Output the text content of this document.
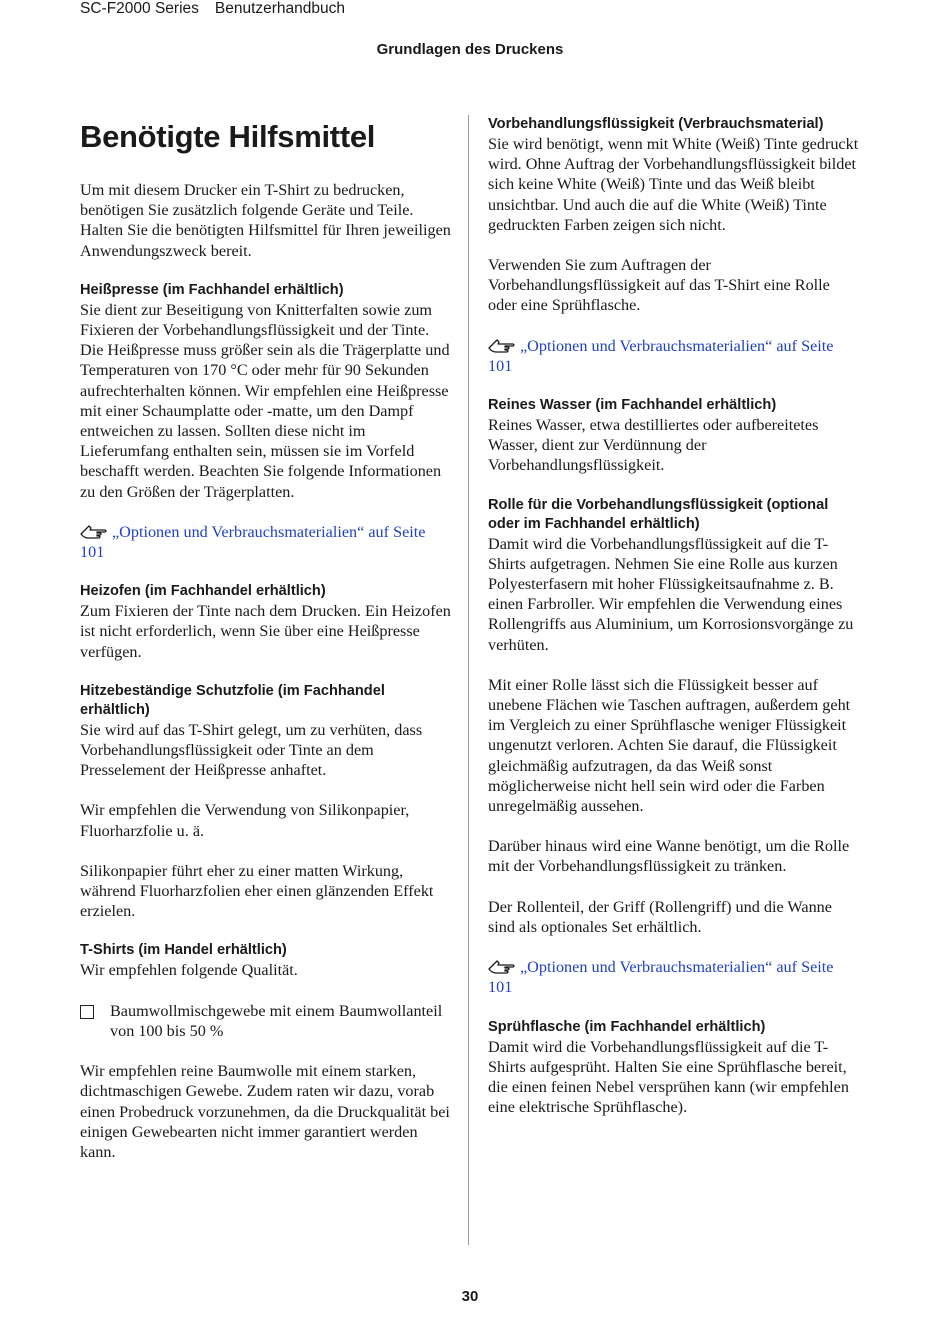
SC-F2000 Series Benutzerhandbuch
Grundlagen des Druckens
Benötigte Hilfsmittel

Um mit diesem Drucker ein T-Shirt zu bedrucken, benötigen Sie zusätzlich folgende Geräte und Teile. Halten Sie die benötigten Hilfsmittel für Ihren jeweiligen Anwendungszweck bereit.

Heißpresse (im Fachhandel erhältlich)

Sie dient zur Beseitigung von Knitterfalten sowie zum Fixieren der Vorbehandlungsflüssigkeit und der Tinte. Die Heißpresse muss größer sein als die Trägerplatte und Temperaturen von 170 °C oder mehr für 90 Sekunden aufrechterhalten können. Wir empfehlen eine Heißpresse mit einer Schaumplatte oder -matte, um den Dampf entweichen zu lassen. Sollten diese nicht im Lieferumfang enthalten sein, müssen sie im Vorfeld beschafft werden. Beachten Sie folgende Informationen zu den Größen der Trägerplatten.

„Optionen und Verbrauchsmaterialien“ auf Seite 101

Heizofen (im Fachhandel erhältlich)

Zum Fixieren der Tinte nach dem Drucken. Ein Heizofen ist nicht erforderlich, wenn Sie über eine Heißpresse verfügen.

Hitzebeständige Schutzfolie (im Fachhandel erhältlich)

Sie wird auf das T-Shirt gelegt, um zu verhüten, dass Vorbehandlungsflüssigkeit oder Tinte an dem Presselement der Heißpresse anhaftet.

Wir empfehlen die Verwendung von Silikonpapier, Fluorharzfolie u. ä.

Silikonpapier führt eher zu einer matten Wirkung, während Fluorharzfolien eher einen glänzenden Effekt erzielen.

T-Shirts (im Handel erhältlich)

Wir empfehlen folgende Qualität.

Baumwollmischgewebe mit einem Baumwollanteil von 100 bis 50 %

Wir empfehlen reine Baumwolle mit einem starken, dichtmaschigen Gewebe. Zudem raten wir dazu, vorab einen Probedruck vorzunehmen, da die Druckqualität bei einigen Gewebearten nicht immer garantiert werden kann.

Vorbehandlungsflüssigkeit (Verbrauchsmaterial)

Sie wird benötigt, wenn mit White (Weiß) Tinte gedruckt wird. Ohne Auftrag der Vorbehandlungsflüssigkeit bildet sich keine White (Weiß) Tinte und das Weiß bleibt unsichtbar. Und auch die auf die White (Weiß) Tinte gedruckten Farben zeigen sich nicht.

Verwenden Sie zum Auftragen der Vorbehandlungsflüssigkeit auf das T-Shirt eine Rolle oder eine Sprühflasche.

„Optionen und Verbrauchsmaterialien“ auf Seite 101

Reines Wasser (im Fachhandel erhältlich)

Reines Wasser, etwa destilliertes oder aufbereitetes Wasser, dient zur Verdünnung der Vorbehandlungsflüssigkeit.

Rolle für die Vorbehandlungsflüssigkeit (optional oder im Fachhandel erhältlich)

Damit wird die Vorbehandlungsflüssigkeit auf die T-Shirts aufgetragen. Nehmen Sie eine Rolle aus kurzen Polyesterfasern mit hoher Flüssigkeitsaufnahme z. B. einen Farbroller. Wir empfehlen die Verwendung eines Rollengriffs aus Aluminium, um Korrosionsvorgänge zu verhüten.

Mit einer Rolle lässt sich die Flüssigkeit besser auf unebene Flächen wie Taschen auftragen, außerdem geht im Vergleich zu einer Sprühflasche weniger Flüssigkeit ungenutzt verloren. Achten Sie darauf, die Flüssigkeit gleichmäßig aufzutragen, da das Weiß sonst möglicherweise nicht hell sein wird oder die Farben unregelmäßig aussehen.

Darüber hinaus wird eine Wanne benötigt, um die Rolle mit der Vorbehandlungsflüssigkeit zu tränken.

Der Rollenteil, der Griff (Rollengriff) und die Wanne sind als optionales Set erhältlich.

„Optionen und Verbrauchsmaterialien“ auf Seite 101

Sprühflasche (im Fachhandel erhältlich)

Damit wird die Vorbehandlungsflüssigkeit auf die T-Shirts aufgesprüht. Halten Sie eine Sprühflasche bereit, die einen feinen Nebel versprühen kann (wir empfehlen eine elektrische Sprühflasche).

30
